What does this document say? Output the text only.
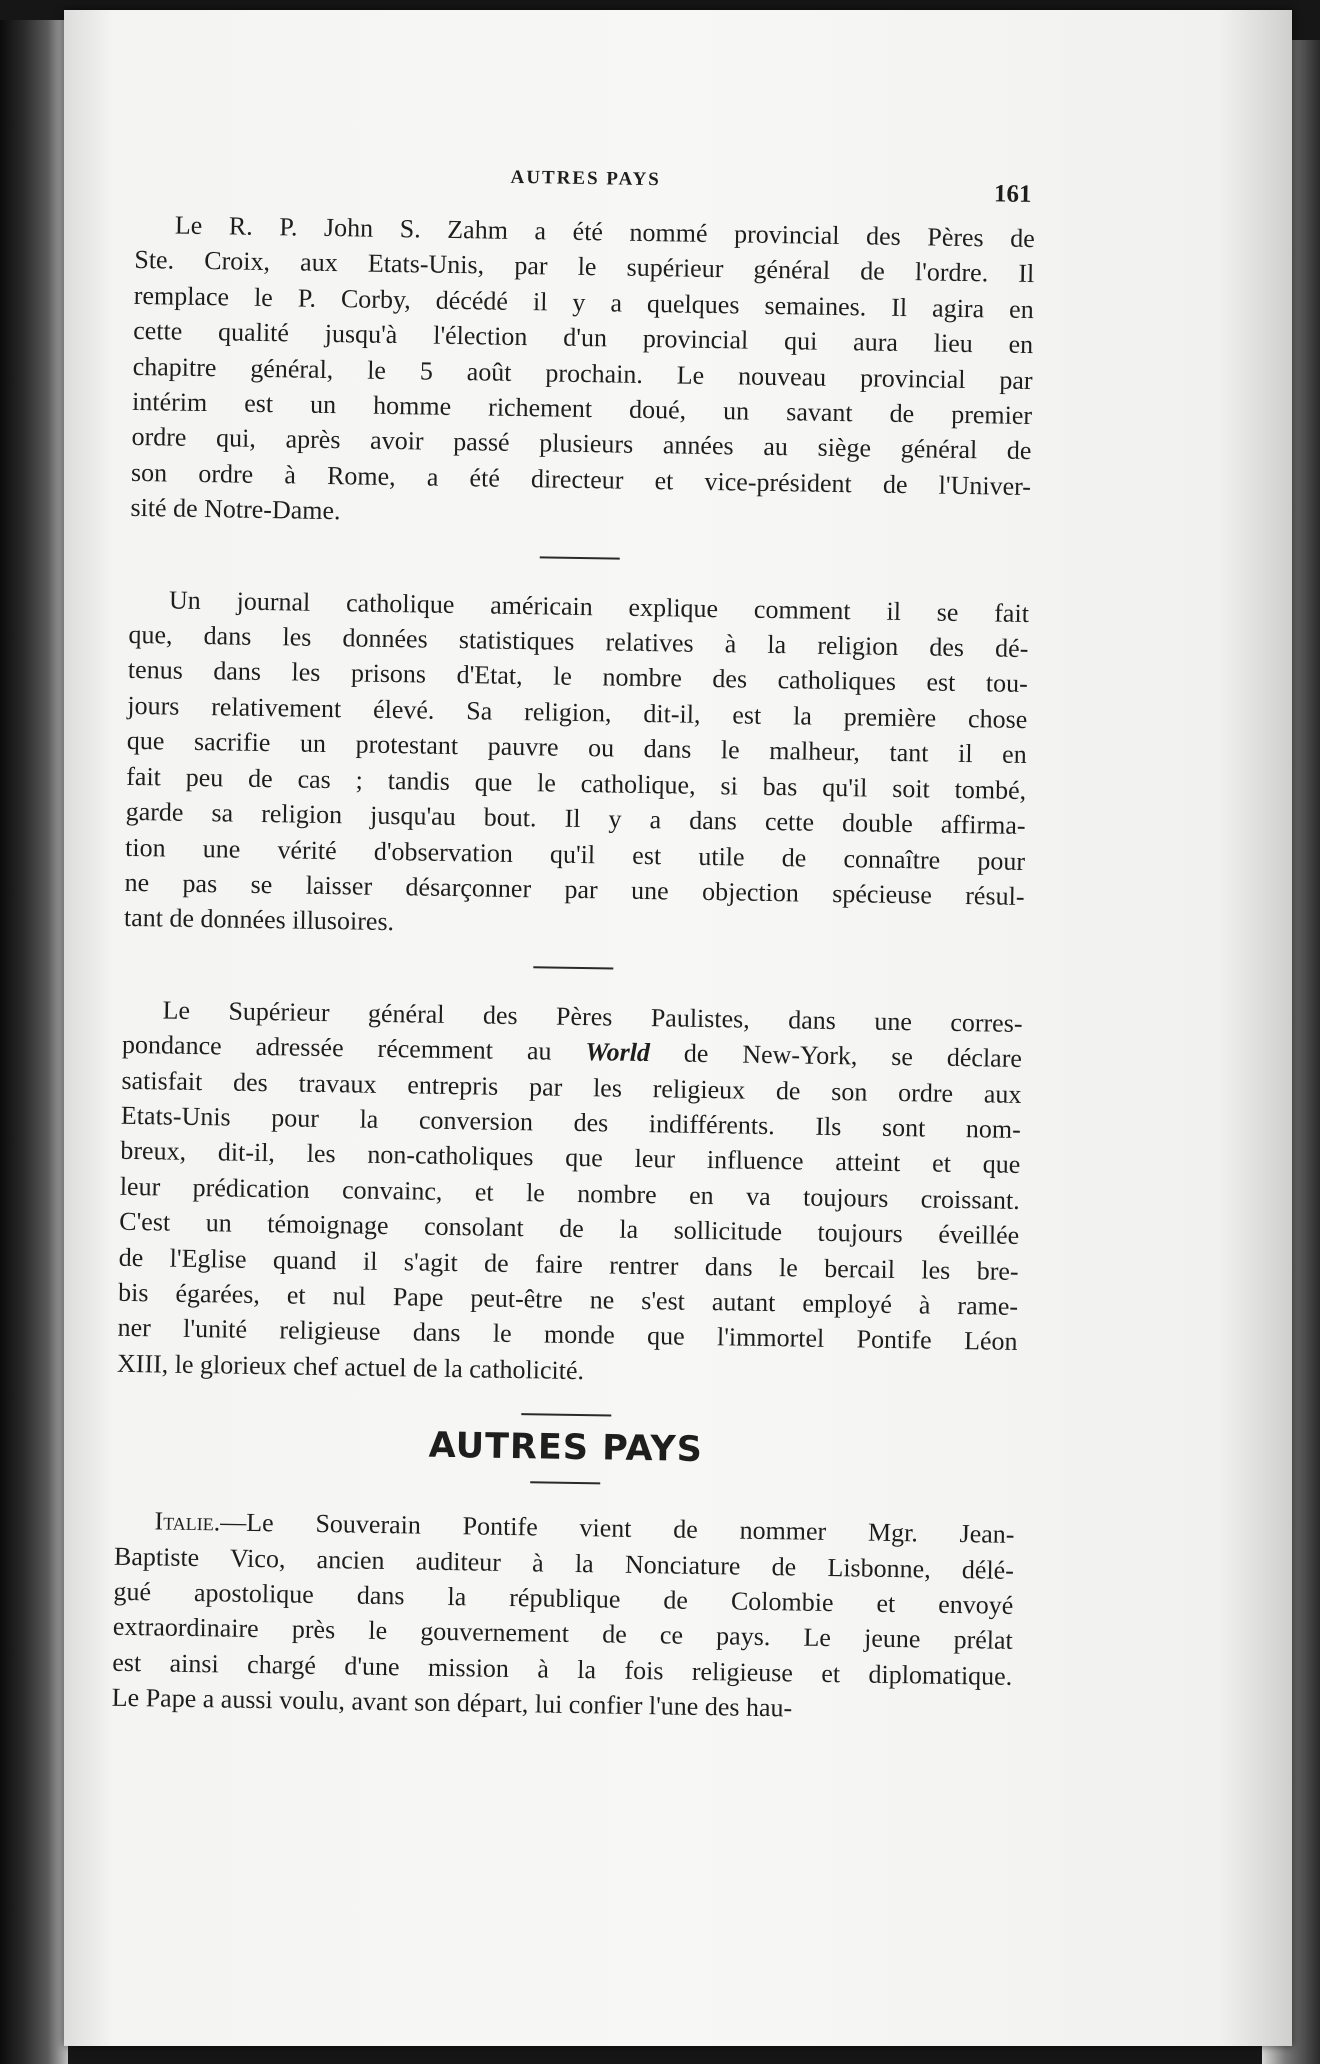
AUTRES PAYS
161

Le R. P. John S. Zahm a été nommé provincial des Pères de
Ste. Croix, aux Etats-Unis, par le supérieur général de l'ordre. Il
remplace le P. Corby, décédé il y a quelques semaines. Il agira en
cette qualité jusqu'à l'élection d'un provincial qui aura lieu en
chapitre général, le 5 août prochain. Le nouveau provincial par
intérim est un homme richement doué, un savant de premier
ordre qui, après avoir passé plusieurs années au siège général de
son ordre à Rome, a été directeur et vice-président de l'Univer-
sité de Notre-Dame.

Un journal catholique américain explique comment il se fait
que, dans les données statistiques relatives à la religion des dé-
tenus dans les prisons d'Etat, le nombre des catholiques est tou-
jours relativement élevé. Sa religion, dit-il, est la première chose
que sacrifie un protestant pauvre ou dans le malheur, tant il en
fait peu de cas ; tandis que le catholique, si bas qu'il soit tombé,
garde sa religion jusqu'au bout. Il y a dans cette double affirma-
tion une vérité d'observation qu'il est utile de connaître pour
ne pas se laisser désarçonner par une objection spécieuse résul-
tant de données illusoires.

Le Supérieur général des Pères Paulistes, dans une corres-
pondance adressée récemment au World de New-York, se déclare
satisfait des travaux entrepris par les religieux de son ordre aux
Etats-Unis pour la conversion des indifférents. Ils sont nom-
breux, dit-il, les non-catholiques que leur influence atteint et que
leur prédication convainc, et le nombre en va toujours croissant.
C'est un témoignage consolant de la sollicitude toujours éveillée
de l'Eglise quand il s'agit de faire rentrer dans le bercail les bre-
bis égarées, et nul Pape peut-être ne s'est autant employé à rame-
ner l'unité religieuse dans le monde que l'immortel Pontife Léon
XIII, le glorieux chef actuel de la catholicité.

AUTRES PAYS

Italie.—Le Souverain Pontife vient de nommer Mgr. Jean-
Baptiste Vico, ancien auditeur à la Nonciature de Lisbonne, délé-
gué apostolique dans la république de Colombie et envoyé
extraordinaire près le gouvernement de ce pays. Le jeune prélat
est ainsi chargé d'une mission à la fois religieuse et diplomatique.
Le Pape a aussi voulu, avant son départ, lui confier l'une des hau-
